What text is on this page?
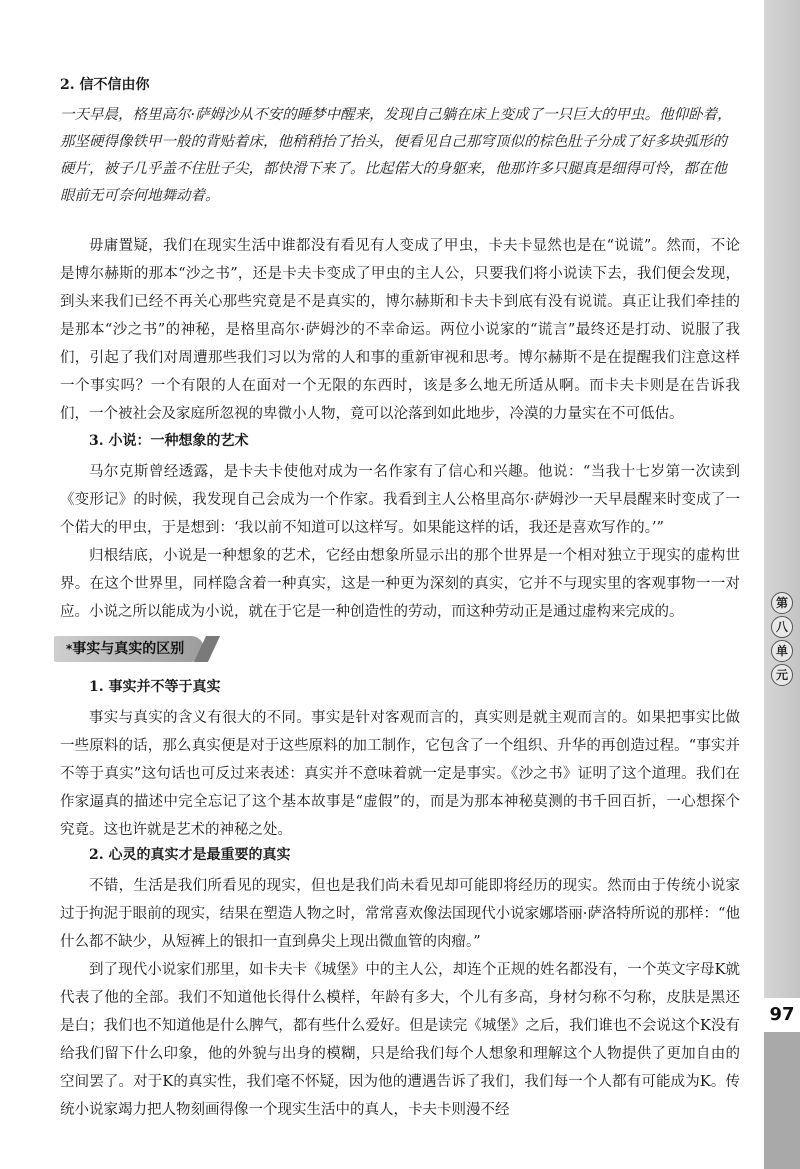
第
八
单
元
97
2. 信不信由你
一天早晨，格里高尔·萨姆沙从不安的睡梦中醒来，发现自己躺在床上变成了一只巨大的甲虫。他仰卧着，那坚硬得像铁甲一般的背贴着床，他稍稍抬了抬头，便看见自己那穹顶似的棕色肚子分成了好多块弧形的硬片，被子几乎盖不住肚子尖，都快滑下来了。比起偌大的身躯来，他那许多只腿真是细得可怜，都在他眼前无可奈何地舞动着。

毋庸置疑，我们在现实生活中谁都没有看见有人变成了甲虫，卡夫卡显然也是在“说谎”。然而，不论是博尔赫斯的那本“沙之书”，还是卡夫卡变成了甲虫的主人公，只要我们将小说读下去，我们便会发现，到头来我们已经不再关心那些究竟是不是真实的，博尔赫斯和卡夫卡到底有没有说谎。真正让我们牵挂的是那本“沙之书”的神秘，是格里高尔·萨姆沙的不幸命运。两位小说家的“谎言”最终还是打动、说服了我们，引起了我们对周遭那些我们习以为常的人和事的重新审视和思考。博尔赫斯不是在提醒我们注意这样一个事实吗？一个有限的人在面对一个无限的东西时，该是多么地无所适从啊。而卡夫卡则是在告诉我们，一个被社会及家庭所忽视的卑微小人物，竟可以沦落到如此地步，冷漠的力量实在不可低估。

3. 小说：一种想象的艺术

马尔克斯曾经透露，是卡夫卡使他对成为一名作家有了信心和兴趣。他说：“当我十七岁第一次读到《变形记》的时候，我发现自己会成为一个作家。我看到主人公格里高尔·萨姆沙一天早晨醒来时变成了一个偌大的甲虫，于是想到：‘我以前不知道可以这样写。如果能这样的话，我还是喜欢写作的。’”

归根结底，小说是一种想象的艺术，它经由想象所显示出的那个世界是一个相对独立于现实的虚构世界。在这个世界里，同样隐含着一种真实，这是一种更为深刻的真实，它并不与现实里的客观事物一一对应。小说之所以能成为小说，就在于它是一种创造性的劳动，而这种劳动正是通过虚构来完成的。

*事实与真实的区别
1. 事实并不等于真实

事实与真实的含义有很大的不同。事实是针对客观而言的，真实则是就主观而言的。如果把事实比做一些原料的话，那么真实便是对于这些原料的加工制作，它包含了一个组织、升华的再创造过程。“事实并不等于真实”这句话也可反过来表述：真实并不意味着就一定是事实。《沙之书》证明了这个道理。我们在作家逼真的描述中完全忘记了这个基本故事是“虚假”的，而是为那本神秘莫测的书千回百折，一心想探个究竟。这也许就是艺术的神秘之处。

2. 心灵的真实才是最重要的真实

不错，生活是我们所看见的现实，但也是我们尚未看见却可能即将经历的现实。然而由于传统小说家过于拘泥于眼前的现实，结果在塑造人物之时，常常喜欢像法国现代小说家娜塔丽·萨洛特所说的那样：“他什么都不缺少，从短裤上的银扣一直到鼻尖上现出微血管的肉瘤。”

到了现代小说家们那里，如卡夫卡《城堡》中的主人公，却连个正规的姓名都没有，一个英文字母K就代表了他的全部。我们不知道他长得什么模样，年龄有多大，个儿有多高，身材匀称不匀称，皮肤是黑还是白；我们也不知道他是什么脾气，都有些什么爱好。但是读完《城堡》之后，我们谁也不会说这个K没有给我们留下什么印象，他的外貌与出身的模糊，只是给我们每个人想象和理解这个人物提供了更加自由的空间罢了。对于K的真实性，我们毫不怀疑，因为他的遭遇告诉了我们，我们每一个人都有可能成为K。传统小说家竭力把人物刻画得像一个现实生活中的真人，卡夫卡则漫不经
